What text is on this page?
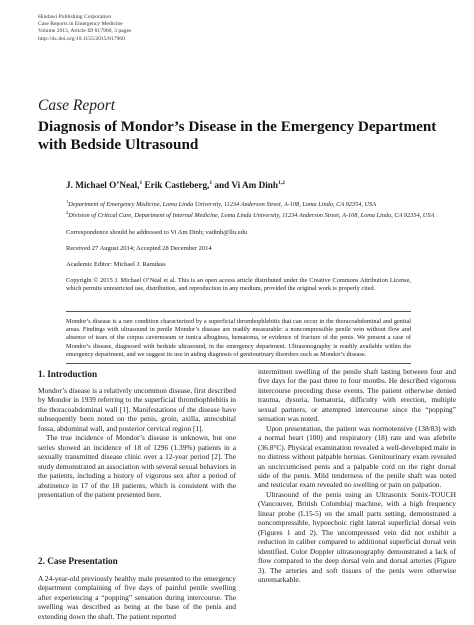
Hindawi Publishing Corporation
Case Reports in Emergency Medicine
Volume 2015, Article ID 817960, 3 pages
http://dx.doi.org/10.1155/2015/817960
Case Report
Diagnosis of Mondor’s Disease in the Emergency Department with Bedside Ultrasound
J. Michael O’Neal,$^1$ Erik Castleberg,$^1$ and Vi Am Dinh$^{1,2}$
$^1$Department of Emergency Medicine, Loma Linda University, 11234 Anderson Street, A-108, Loma Linda, CA 92354, USA
$^2$Division of Critical Care, Department of Internal Medicine, Loma Linda University, 11234 Anderson Street, A-108, Loma Linda, CA 92354, USA
Correspondence should be addressed to Vi Am Dinh; vadinh@llu.edu
Received 27 August 2014; Accepted 28 December 2014
Academic Editor: Michael J. Ramdass
Copyright © 2015 J. Michael O’Neal et al. This is an open access article distributed under the Creative Commons Attribution License, which permits unrestricted use, distribution, and reproduction in any medium, provided the original work is properly cited.
Mondor’s disease is a rare condition characterized by a superficial thrombophlebitis that can occur in the thoracoabdominal and genital areas. Findings with ultrasound in penile Mondor’s disease are readily measurable: a noncompressible penile vein without flow and absence of tears of the corpus cavernosum or tunica albuginea, hematoma, or evidence of fracture of the penis. We present a case of Mondor’s disease, diagnosed with bedside ultrasound, in the emergency department. Ultrasonography is readily available within the emergency department, and we suggest its use in aiding diagnosis of genitourinary disorders such as Mondor’s disease.
1. Introduction

Mondor’s disease is a relatively uncommon disease, first described by Mondor in 1939 referring to the superficial thrombophlebitis in the thoracoabdominal wall [1]. Manifestations of the disease have subsequently been noted on the penis, groin, axilla, antecubital fossa, abdominal wall, and posterior cervical region [1].

The true incidence of Mondor’s disease is unknown, but one series showed an incidence of 18 of 1296 (1.39%) patients in a sexually transmitted disease clinic over a 12-year period [2]. The study demonstrated an association with several sexual behaviors in the patients, including a history of vigorous sex after a period of abstinence in 17 of the 18 patients, which is consistent with the presentation of the patient presented here.

2. Case Presentation

A 24-year-old previously healthy male presented to the emergency department complaining of five days of painful penile swelling after experiencing a “popping” sensation during intercourse. The swelling was described as being at the base of the penis and extending down the shaft. The patient reported

intermittent swelling of the penile shaft lasting between four and five days for the past three to four months. He described vigorous intercourse preceding these events. The patient otherwise denied trauma, dysuria, hematuria, difficulty with erection, multiple sexual partners, or attempted intercourse since the “popping” sensation was noted.

Upon presentation, the patient was normotensive (138/83) with a normal heart (100) and respiratory (18) rate and was afebrile (36.8°C). Physical examination revealed a well-developed male in no distress without palpable hernias. Genitourinary exam revealed an uncircumcised penis and a palpable cord on the right dorsal side of the penis. Mild tenderness of the penile shaft was noted and testicular exam revealed no swelling or pain on palpation.

Ultrasound of the penis using an Ultrasonix Sonix-TOUCH (Vancouver, British Columbia) machine, with a high frequency linear probe (L15-5) on the small parts setting, demonstrated a noncompressible, hypoechoic right lateral superficial dorsal vein (Figures 1 and 2). The uncompressed vein did not exhibit a reduction in caliber compared to additional superficial dorsal vein identified. Color Doppler ultrasonography demonstrated a lack of flow compared to the deep dorsal vein and dorsal arteries (Figure 3). The arteries and soft tissues of the penis were otherwise unremarkable.
